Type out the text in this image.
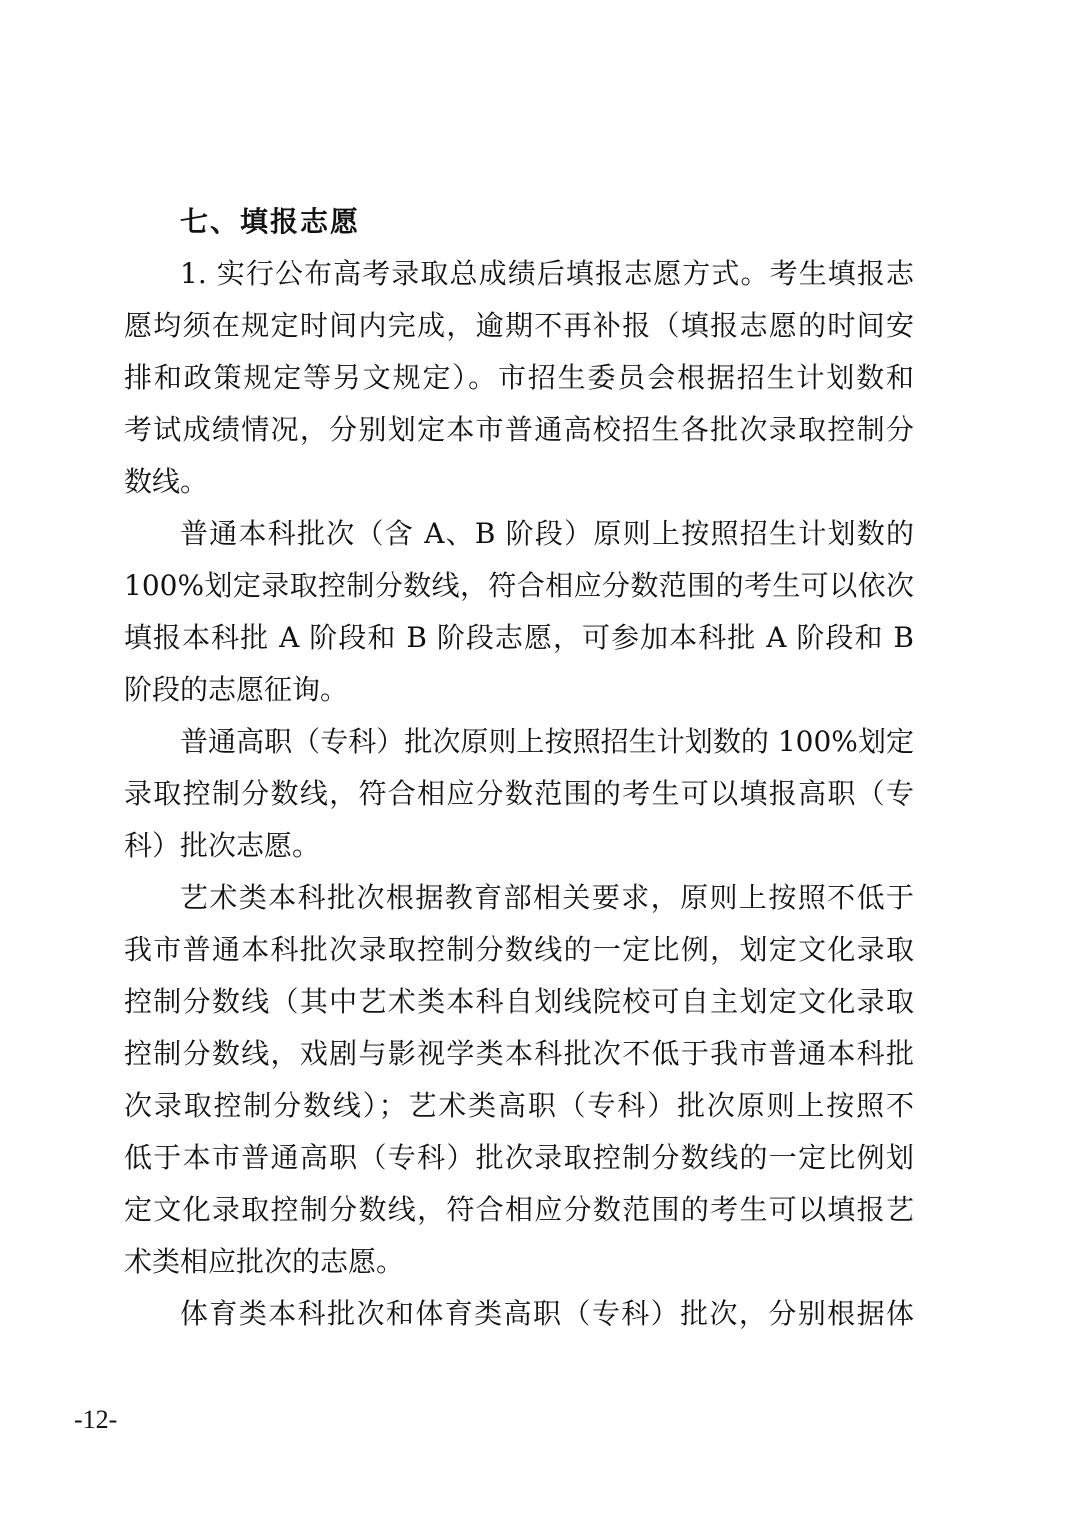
七、填报志愿
1. 实行公布高考录取总成绩后填报志愿方式。考生填报志
愿均须在规定时间内完成，逾期不再补报（填报志愿的时间安
排和政策规定等另文规定）。市招生委员会根据招生计划数和
考试成绩情况，分别划定本市普通高校招生各批次录取控制分
数线。
普通本科批次（含 A、B 阶段）原则上按照招生计划数的
100%划定录取控制分数线，符合相应分数范围的考生可以依次
填报本科批 A 阶段和 B 阶段志愿，可参加本科批 A 阶段和 B
阶段的志愿征询。
普通高职（专科）批次原则上按照招生计划数的 100%划定
录取控制分数线，符合相应分数范围的考生可以填报高职（专
科）批次志愿。
艺术类本科批次根据教育部相关要求，原则上按照不低于
我市普通本科批次录取控制分数线的一定比例，划定文化录取
控制分数线（其中艺术类本科自划线院校可自主划定文化录取
控制分数线，戏剧与影视学类本科批次不低于我市普通本科批
次录取控制分数线）；艺术类高职（专科）批次原则上按照不
低于本市普通高职（专科）批次录取控制分数线的一定比例划
定文化录取控制分数线，符合相应分数范围的考生可以填报艺
术类相应批次的志愿。
体育类本科批次和体育类高职（专科）批次，分别根据体
-12-
